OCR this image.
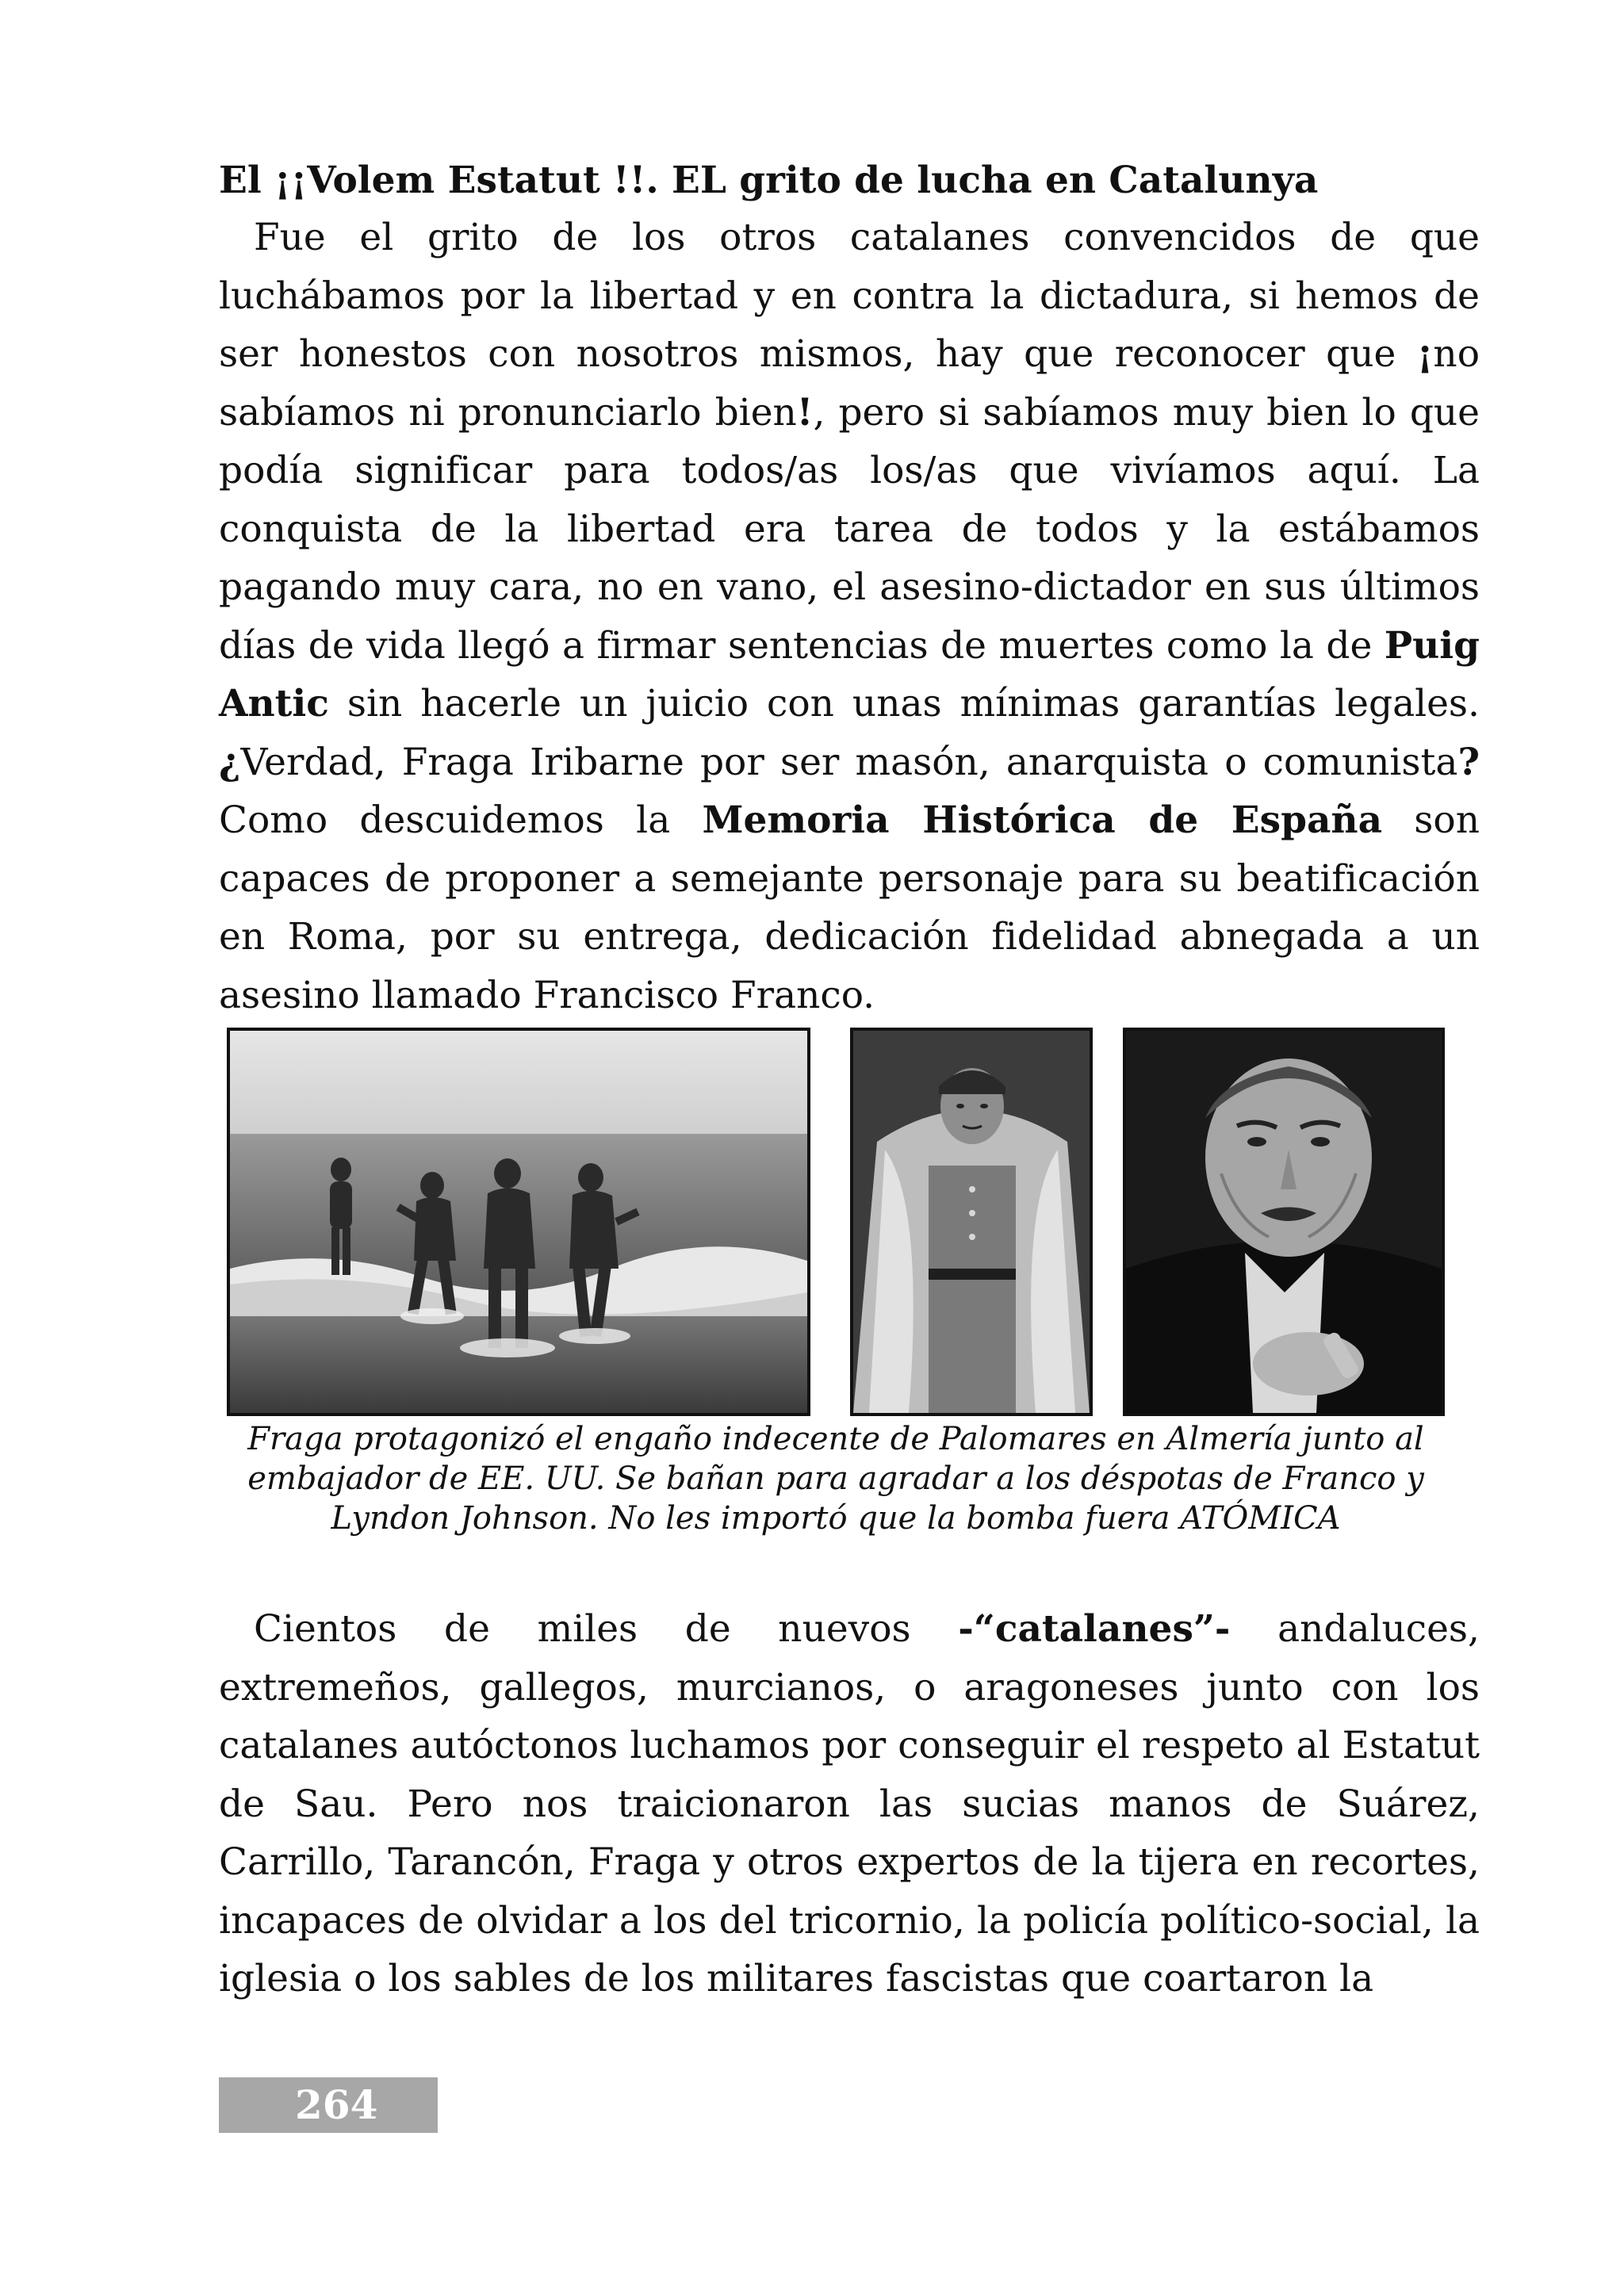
El ¡¡Volem Estatut !!. EL grito de lucha en Catalunya

Fue el grito de los otros catalanes convencidos de que luchábamos por la libertad y en contra la dictadura, si hemos de ser honestos con nosotros mismos, hay que reconocer que ¡no sabíamos ni pronunciarlo bien!, pero si sabíamos muy bien lo que podía significar para todos/as los/as que vivíamos aquí. La conquista de la libertad era tarea de todos y la estábamos pagando muy cara, no en vano, el asesino-dictador en sus últimos días de vida llegó a firmar sentencias de muertes como la de Puig Antic sin hacerle un juicio con unas mínimas garantías legales. ¿Verdad, Fraga Iribarne por ser masón, anarquista o comunista? Como descuidemos la Memoria Histórica de España son capaces de proponer a semejante personaje para su beatificación en Roma, por su entrega, dedicación fidelidad abnegada a un asesino llamado Francisco Franco.

Fraga protagonizó el engaño indecente de Palomares en Almería junto al
embajador de EE. UU. Se bañan para agradar a los déspotas de Franco y
Lyndon Johnson. No les importó que la bomba fuera ATÓMICA

Cientos de miles de nuevos -“catalanes”- andaluces, extremeños, gallegos, murcianos, o aragoneses junto con los catalanes autóctonos luchamos por conseguir el respeto al Estatut de Sau. Pero nos traicionaron las sucias manos de Suárez, Carrillo, Tarancón, Fraga y otros expertos de la tijera en recortes, incapaces de olvidar a los del tricornio, la policía político-social, la iglesia o los sables de los militares fascistas que coartaron la

264
